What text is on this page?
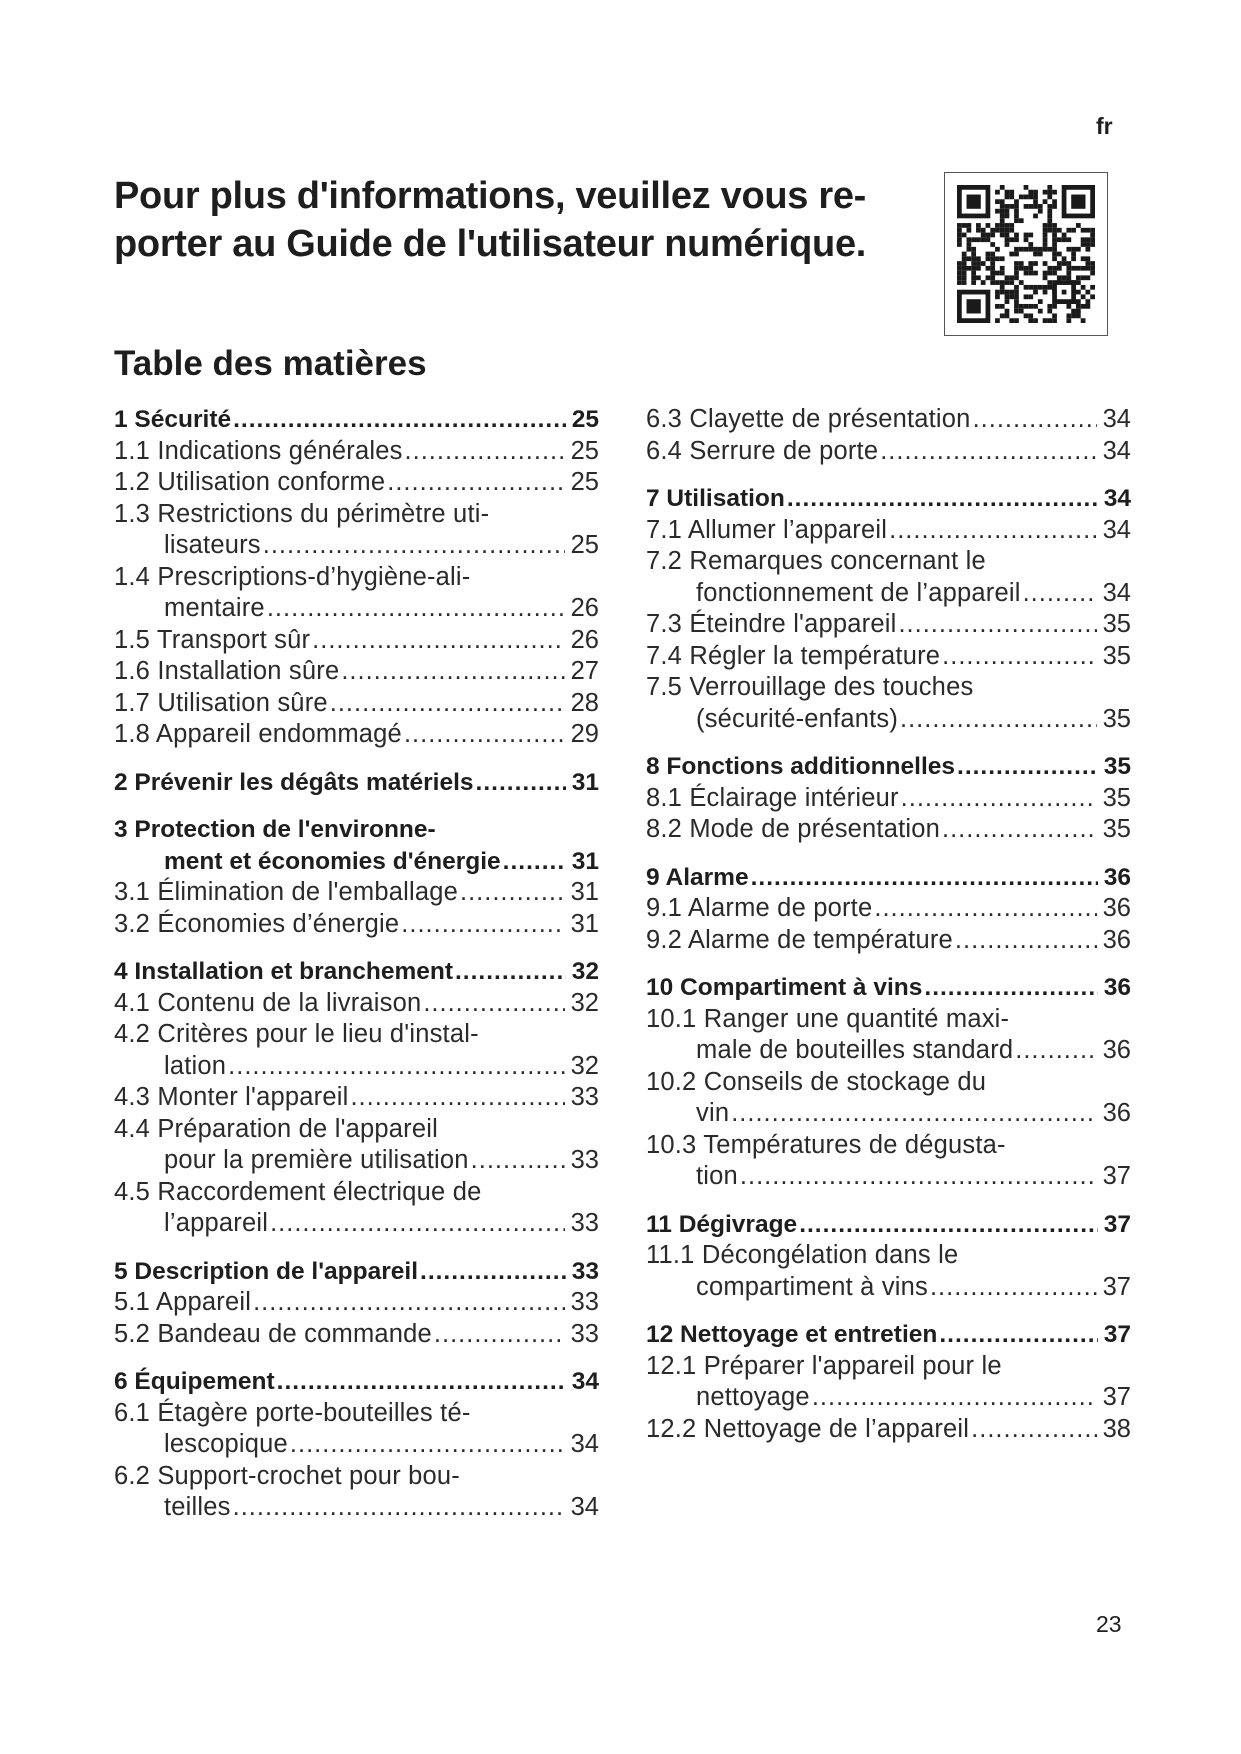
fr
Pour plus d'informations, veuillez vous re-
porter au Guide de l'utilisateur numérique.
Table des matières
1 Sécurité .....	25
1.1 Indications générales .....	25
1.2 Utilisation conforme .....	25
1.3 Restrictions du périmètre uti-
lisateurs .....	25
1.4 Prescriptions-d’hygiène-ali-
mentaire .....	26
1.5 Transport sûr .....	26
1.6 Installation sûre .....	27
1.7 Utilisation sûre .....	28
1.8 Appareil endommagé .....	29
2 Prévenir les dégâts matériels .....	31
3 Protection de l'environne-
ment et économies d'énergie .....	31
3.1 Élimination de l'emballage .....	31
3.2 Économies d’énergie .....	31
4 Installation et branchement .....	32
4.1 Contenu de la livraison .....	32
4.2 Critères pour le lieu d'instal-
lation .....	32
4.3 Monter l'appareil .....	33
4.4 Préparation de l'appareil
pour la première utilisation .....	33
4.5 Raccordement électrique de
l’appareil .....	33
5 Description de l'appareil .....	33
5.1 Appareil .....	33
5.2 Bandeau de commande .....	33
6 Équipement .....	34
6.1 Étagère porte-bouteilles té-
lescopique .....	34
6.2 Support-crochet pour bou-
teilles .....	34
6.3 Clayette de présentation .....	34
6.4 Serrure de porte .....	34
7 Utilisation .....	34
7.1 Allumer l’appareil .....	34
7.2 Remarques concernant le
fonctionnement de l’appareil .....	34
7.3 Éteindre l'appareil .....	35
7.4 Régler la température .....	35
7.5 Verrouillage des touches
(sécurité-enfants) .....	35
8 Fonctions additionnelles .....	35
8.1 Éclairage intérieur .....	35
8.2 Mode de présentation .....	35
9 Alarme .....	36
9.1 Alarme de porte .....	36
9.2 Alarme de température .....	36
10 Compartiment à vins .....	36
10.1 Ranger une quantité maxi-
male de bouteilles standard .....	36
10.2 Conseils de stockage du
vin .....	36
10.3 Températures de dégusta-
tion .....	37
11 Dégivrage .....	37
11.1 Décongélation dans le
compartiment à vins .....	37
12 Nettoyage et entretien .....	37
12.1 Préparer l'appareil pour le
nettoyage .....	37
12.2 Nettoyage de l’appareil .....	38
23
